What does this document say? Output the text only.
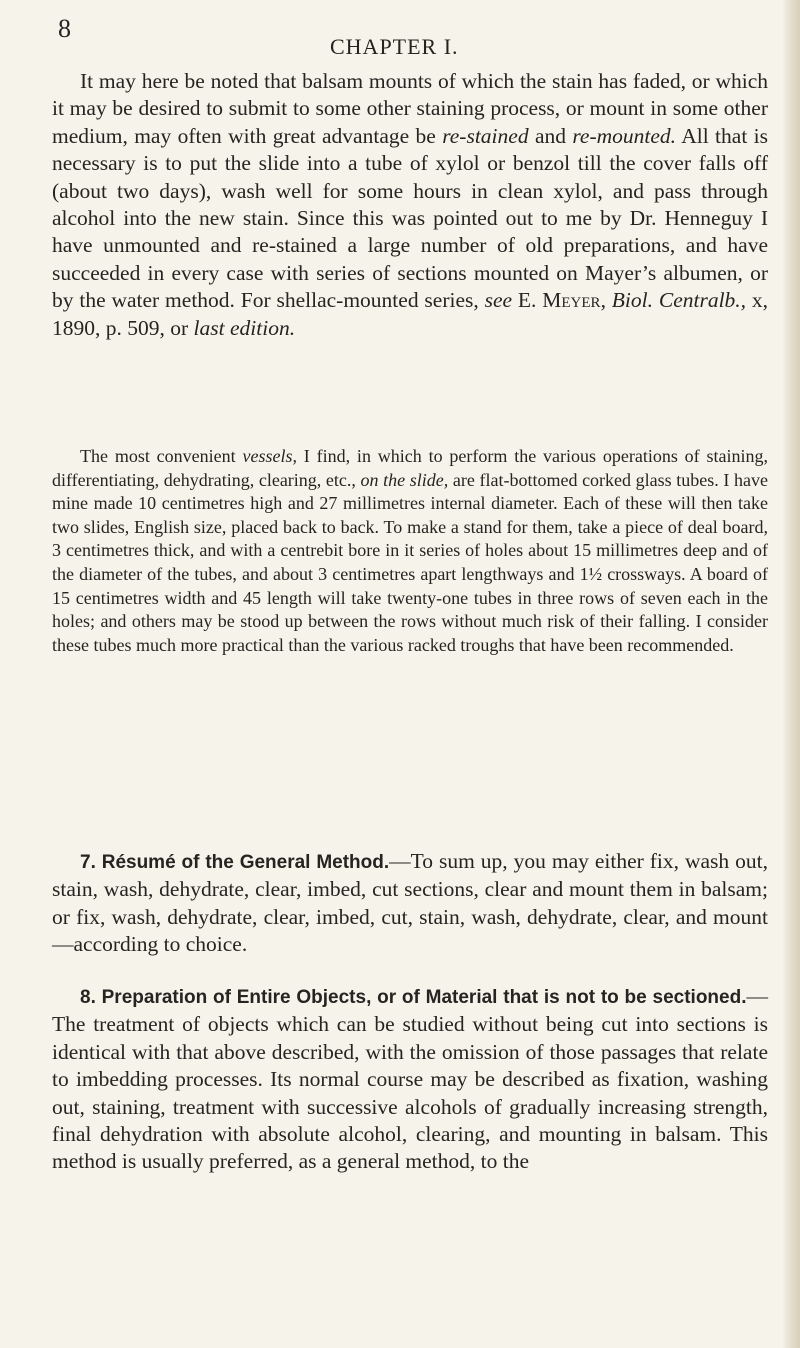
8
CHAPTER I.

It may here be noted that balsam mounts of which the stain has faded, or which it may be desired to submit to some other staining process, or mount in some other medium, may often with great advantage be re-stained and re-mounted. All that is necessary is to put the slide into a tube of xylol or benzol till the cover falls off (about two days), wash well for some hours in clean xylol, and pass through alcohol into the new stain. Since this was pointed out to me by Dr. Henneguy I have unmounted and re-stained a large number of old preparations, and have succeeded in every case with series of sections mounted on Mayer’s albumen, or by the water method. For shellac-mounted series, see E. Meyer, Biol. Centralb., x, 1890, p. 509, or last edition.

The most convenient vessels, I find, in which to perform the various operations of staining, differentiating, dehydrating, clearing, etc., on the slide, are flat-bottomed corked glass tubes. I have mine made 10 centimetres high and 27 millimetres internal diameter. Each of these will then take two slides, English size, placed back to back. To make a stand for them, take a piece of deal board, 3 centimetres thick, and with a centrebit bore in it series of holes about 15 millimetres deep and of the diameter of the tubes, and about 3 centimetres apart lengthways and 1½ crossways. A board of 15 centimetres width and 45 length will take twenty-one tubes in three rows of seven each in the holes; and others may be stood up between the rows without much risk of their falling. I consider these tubes much more practical than the various racked troughs that have been recommended.

7. Résumé of the General Method.—To sum up, you may either fix, wash out, stain, wash, dehydrate, clear, imbed, cut sections, clear and mount them in balsam; or fix, wash, dehydrate, clear, imbed, cut, stain, wash, dehydrate, clear, and mount—according to choice.

8. Preparation of Entire Objects, or of Material that is not to be sectioned.—The treatment of objects which can be studied without being cut into sections is identical with that above described, with the omission of those passages that relate to imbedding processes. Its normal course may be described as fixation, washing out, staining, treatment with successive alcohols of gradually increasing strength, final dehydration with absolute alcohol, clearing, and mounting in balsam. This method is usually preferred, as a general method, to the
